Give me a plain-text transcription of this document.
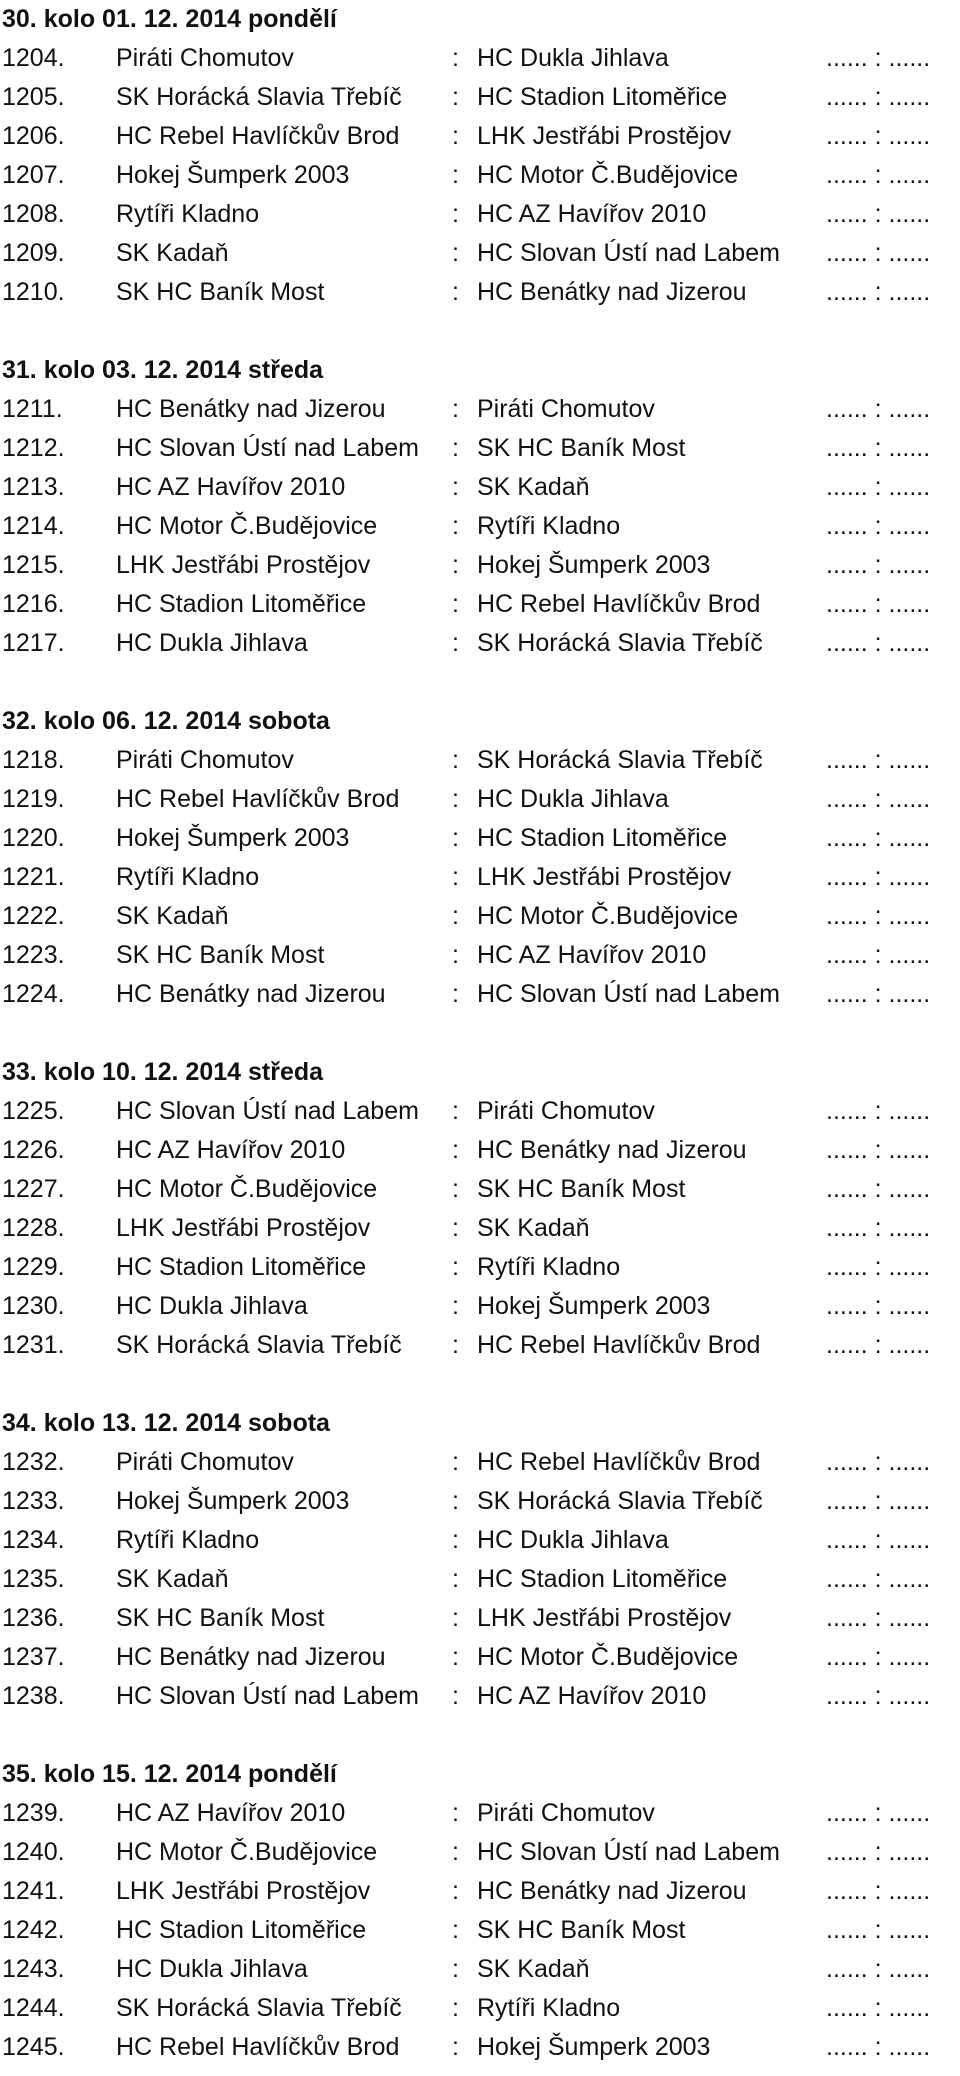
30. kolo 01. 12. 2014 pondělí
1204. Piráti Chomutov	: HC Dukla Jihlava	...... : ......
1205. SK Horácká Slavia Třebíč : HC Stadion Litoměřice	...... : ......
1206. HC Rebel Havlíčkův Brod : LHK Jestřábi Prostějov	...... : ......
1207. Hokej Šumperk 2003	: HC Motor Č.Budějovice	...... : ......
1208. Rytíři Kladno	: HC AZ Havířov 2010	...... : ......
1209. SK Kadaň	: HC Slovan Ústí nad Labem ...... : ......
1210. SK HC Baník Most	: HC Benátky nad Jizerou	...... : ......
31. kolo 03. 12. 2014 středa
1211. HC Benátky nad Jizerou	: Piráti Chomutov	...... : ......
1212. HC Slovan Ústí nad Labem : SK HC Baník Most	...... : ......
1213. HC AZ Havířov 2010	: SK Kadaň	...... : ......
1214. HC Motor Č.Budějovice	: Rytíři Kladno	...... : ......
1215. LHK Jestřábi Prostějov	: Hokej Šumperk 2003	...... : ......
1216. HC Stadion Litoměřice	: HC Rebel Havlíčkův Brod	...... : ......
1217. HC Dukla Jihlava	: SK Horácká Slavia Třebíč	...... : ......
32. kolo 06. 12. 2014 sobota
1218. Piráti Chomutov	: SK Horácká Slavia Třebíč	...... : ......
1219. HC Rebel Havlíčkův Brod : HC Dukla Jihlava	...... : ......
1220. Hokej Šumperk 2003	: HC Stadion Litoměřice	...... : ......
1221. Rytíři Kladno	: LHK Jestřábi Prostějov	...... : ......
1222. SK Kadaň	: HC Motor Č.Budějovice	...... : ......
1223. SK HC Baník Most	: HC AZ Havířov 2010	...... : ......
1224. HC Benátky nad Jizerou	: HC Slovan Ústí nad Labem ...... : ......
33. kolo 10. 12. 2014 středa
1225. HC Slovan Ústí nad Labem : Piráti Chomutov	...... : ......
1226. HC AZ Havířov 2010	: HC Benátky nad Jizerou	...... : ......
1227. HC Motor Č.Budějovice	: SK HC Baník Most	...... : ......
1228. LHK Jestřábi Prostějov	: SK Kadaň	...... : ......
1229. HC Stadion Litoměřice	: Rytíři Kladno	...... : ......
1230. HC Dukla Jihlava	: Hokej Šumperk 2003	...... : ......
1231. SK Horácká Slavia Třebíč : HC Rebel Havlíčkův Brod	...... : ......
34. kolo 13. 12. 2014 sobota
1232. Piráti Chomutov	: HC Rebel Havlíčkův Brod	...... : ......
1233. Hokej Šumperk 2003	: SK Horácká Slavia Třebíč	...... : ......
1234. Rytíři Kladno	: HC Dukla Jihlava	...... : ......
1235. SK Kadaň	: HC Stadion Litoměřice	...... : ......
1236. SK HC Baník Most	: LHK Jestřábi Prostějov	...... : ......
1237. HC Benátky nad Jizerou	: HC Motor Č.Budějovice	...... : ......
1238. HC Slovan Ústí nad Labem : HC AZ Havířov 2010	...... : ......
35. kolo 15. 12. 2014 pondělí
1239. HC AZ Havířov 2010	: Piráti Chomutov	...... : ......
1240. HC Motor Č.Budějovice	: HC Slovan Ústí nad Labem ...... : ......
1241. LHK Jestřábi Prostějov	: HC Benátky nad Jizerou	...... : ......
1242. HC Stadion Litoměřice	: SK HC Baník Most	...... : ......
1243. HC Dukla Jihlava	: SK Kadaň	...... : ......
1244. SK Horácká Slavia Třebíč : Rytíři Kladno	...... : ......
1245. HC Rebel Havlíčkův Brod : Hokej Šumperk 2003	...... : ......
